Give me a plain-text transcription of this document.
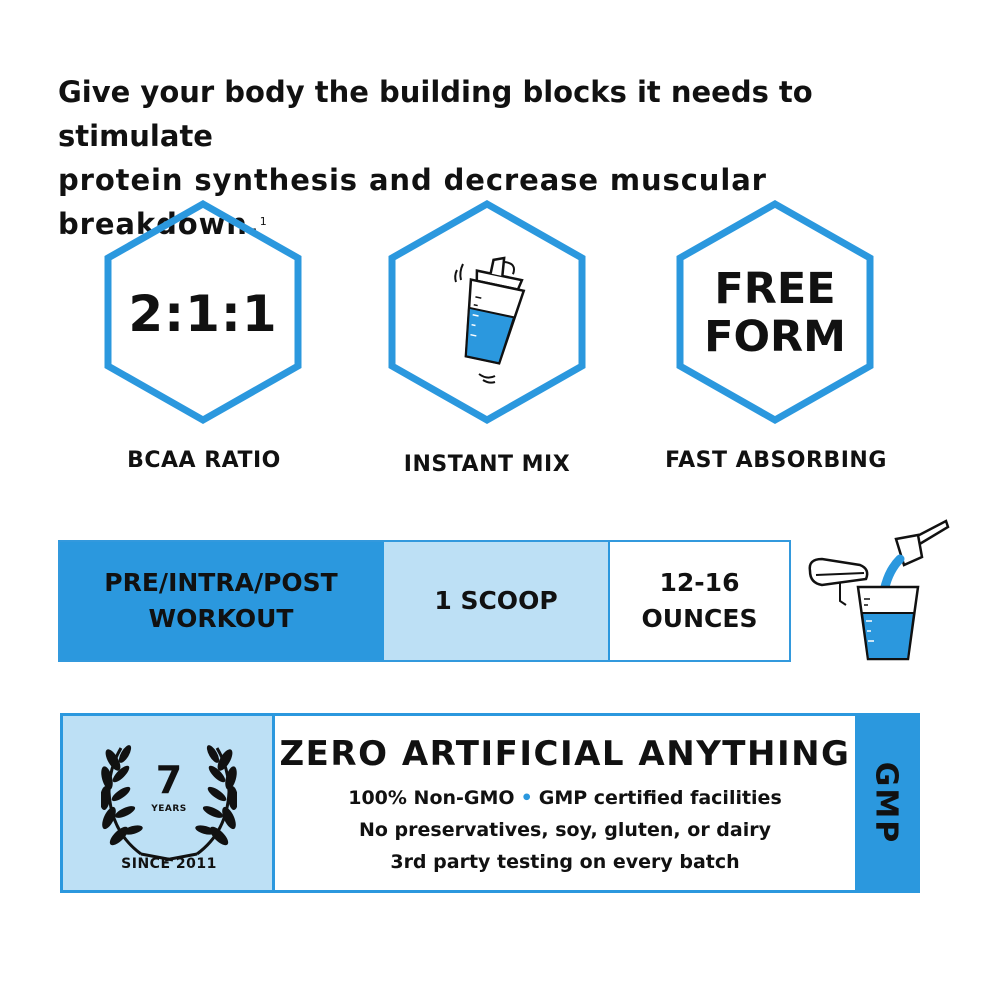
Give your body the building blocks it needs to stimulate
protein synthesis and decrease muscular breakdown.$^1$
2:1:1
BCAA RATIO	INSTANT MIX
FREE
FORM
FAST ABSORBING
PRE/INTRA/POST
WORKOUT
1 SCOOP
12-16
OUNCES
7
YEARS
SINCE 2011
ZERO ARTIFICIAL ANYTHING
100% Non-GMO • GMP certified facilities
No preservatives, soy, gluten, or dairy
3rd party testing on every batch
GMP
